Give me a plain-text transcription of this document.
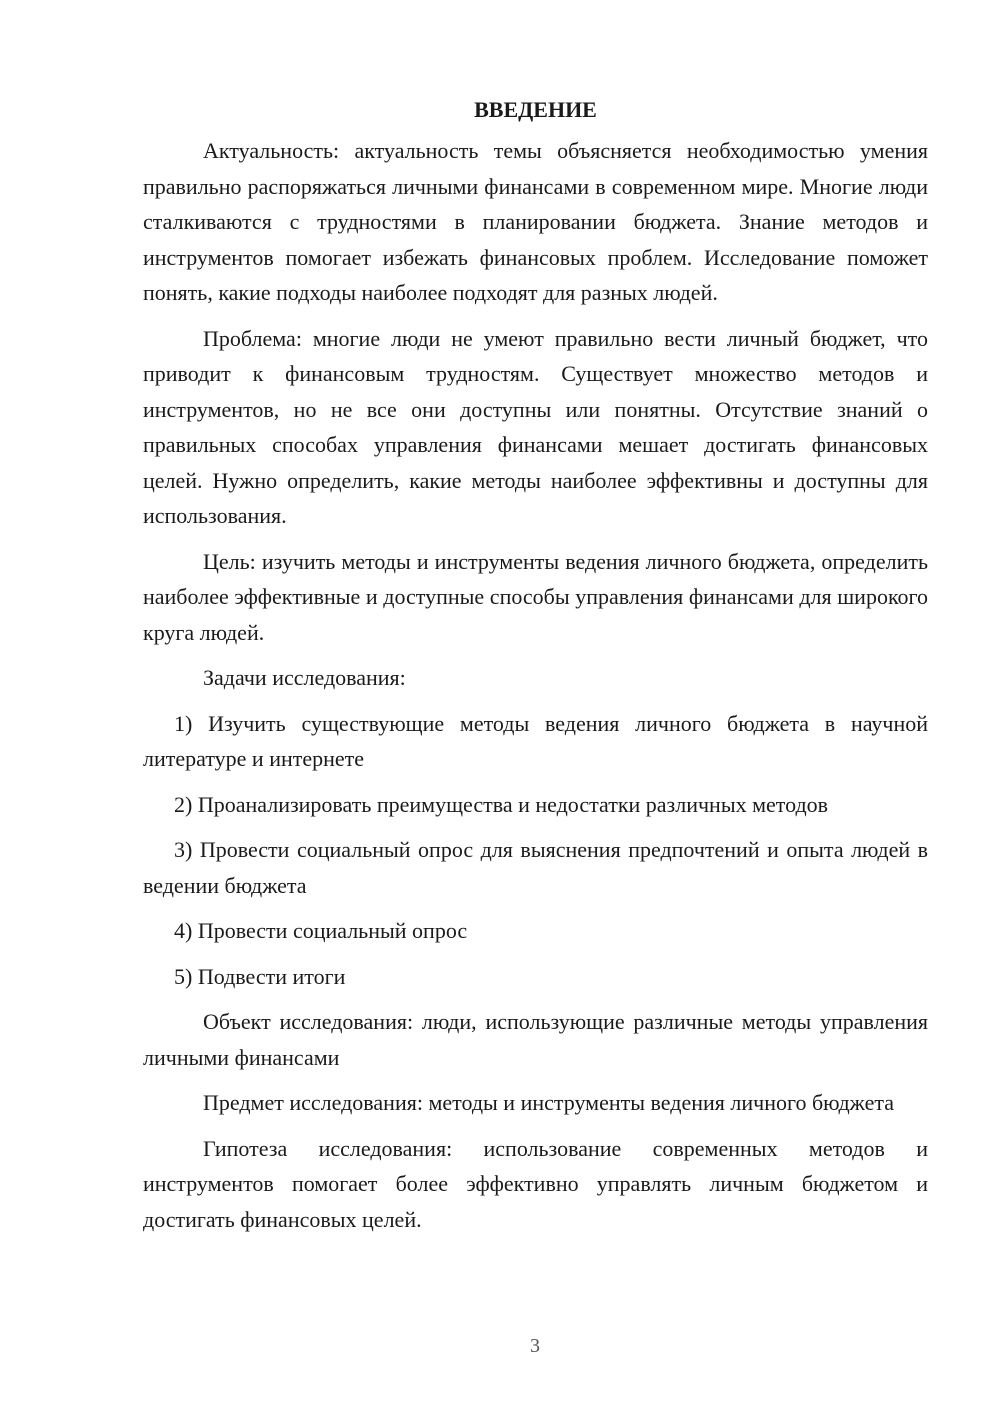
ВВЕДЕНИЕ

Актуальность: актуальность темы объясняется необходимостью умения правильно распоряжаться личными финансами в современном мире. Многие люди сталкиваются с трудностями в планировании бюджета. Знание методов и инструментов помогает избежать финансовых проблем. Исследование поможет понять, какие подходы наиболее подходят для разных людей.

Проблема: многие люди не умеют правильно вести личный бюджет, что приводит к финансовым трудностям. Существует множество методов и инструментов, но не все они доступны или понятны. Отсутствие знаний о правильных способах управления финансами мешает достигать финансовых целей. Нужно определить, какие методы наиболее эффективны и доступны для использования.

Цель: изучить методы и инструменты ведения личного бюджета, определить наиболее эффективные и доступные способы управления финансами для широкого круга людей.

Задачи исследования:

1) Изучить существующие методы ведения личного бюджета в научной литературе и интернете

2) Проанализировать преимущества и недостатки различных методов

3) Провести социальный опрос для выяснения предпочтений и опыта людей в ведении бюджета

4) Провести социальный опрос

5) Подвести итоги

Объект исследования: люди, использующие различные методы управления личными финансами

Предмет исследования: методы и инструменты ведения личного бюджета

Гипотеза исследования: использование современных методов и инструментов помогает более эффективно управлять личным бюджетом и достигать финансовых целей.

3
